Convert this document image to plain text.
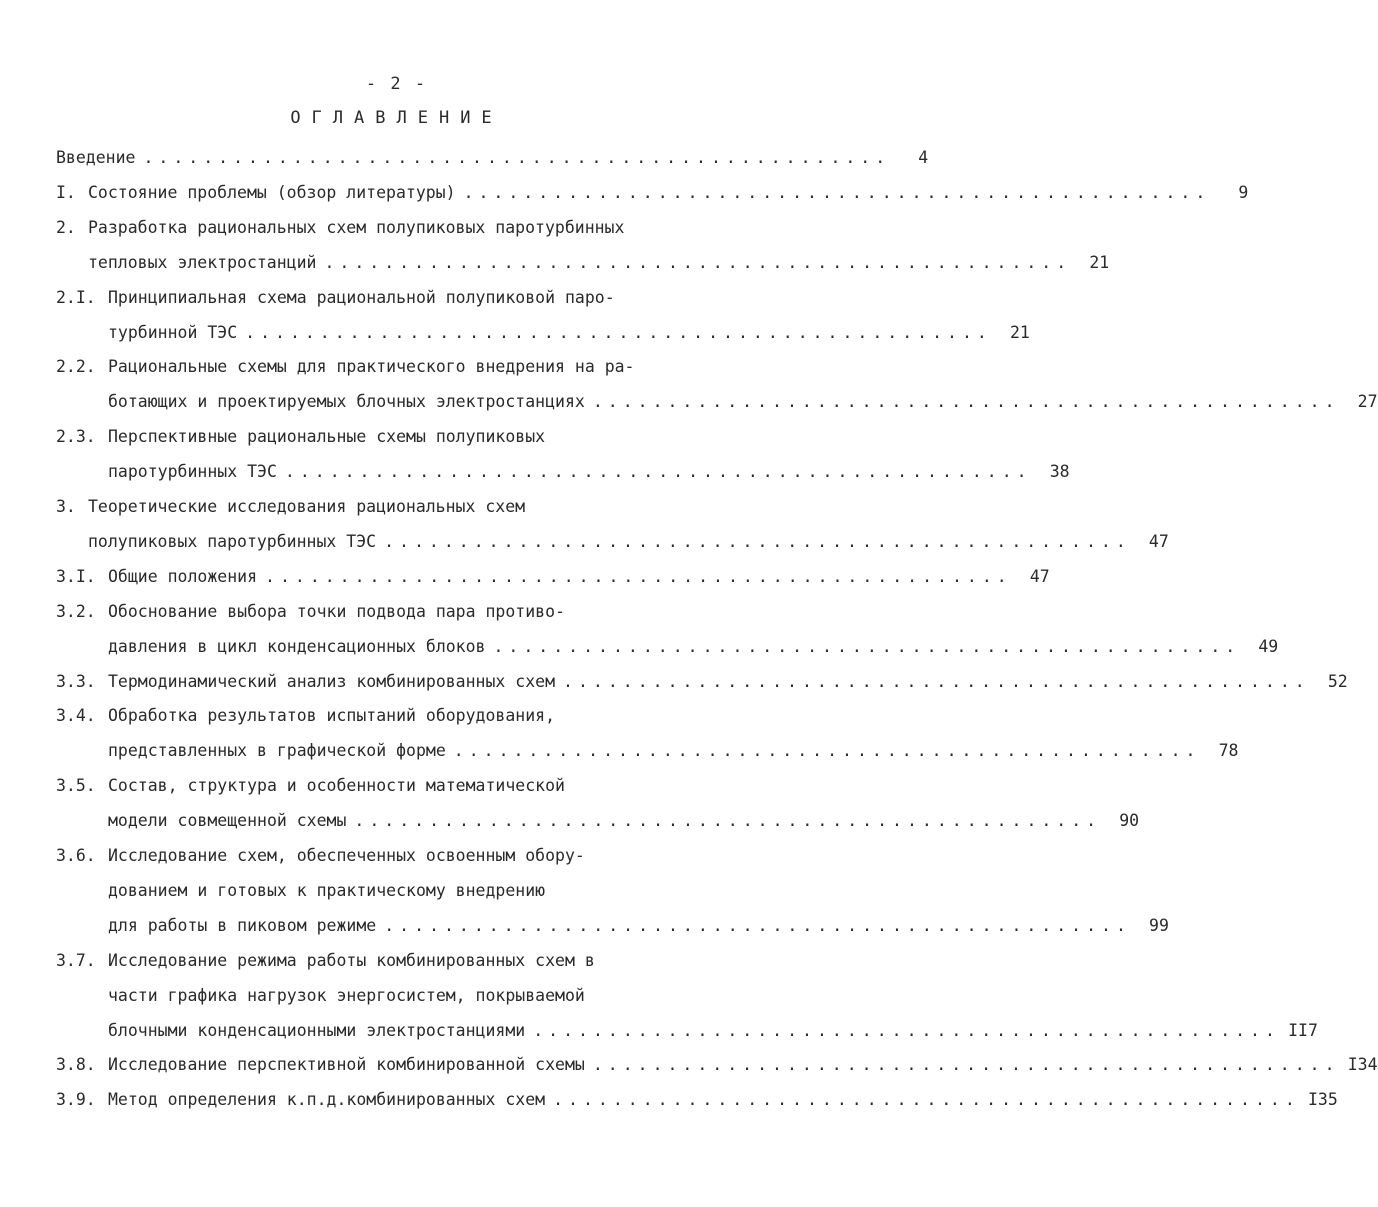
- 2 -
ОГЛАВЛЕНИЕ
Введение ..................................................	4
I. Состояние проблемы (обзор литературы) ..................................................	9
2. Разработка рациональных схем полупиковых паротурбинных
тепловых электростанций ..................................................	21
2.I. Принципиальная схема рациональной полупиковой паро-
турбинной ТЭС ..................................................	21
2.2. Рациональные схемы для практического внедрения на ра-
ботающих и проектируемых блочных электростанциях ..................................................	27
2.3. Перспективные рациональные схемы полупиковых
паротурбинных ТЭС ..................................................	38
3. Теоретические исследования рациональных схем
полупиковых паротурбинных ТЭС ..................................................	47
3.I. Общие положения ..................................................	47
3.2. Обоснование выбора точки подвода пара противо-
давления в цикл конденсационных блоков ..................................................	49
3.3. Термодинамический анализ комбинированных схем ..................................................	52
3.4. Обработка результатов испытаний оборудования,
представленных в графической форме ..................................................	78
3.5. Состав, структура и особенности математической
модели совмещенной схемы ..................................................	90
3.6. Исследование схем, обеспеченных освоенным обору-
дованием и готовых к практическому внедрению
для работы в пиковом режиме ..................................................	99
3.7. Исследование режима работы комбинированных схем в
части графика нагрузок энергосистем, покрываемой
блочными конденсационными электростанциями .................................................. II7
3.8. Исследование перспективной комбинированной схемы .................................................. I34
3.9. Метод определения к.п.д.комбинированных схем .................................................. I35
